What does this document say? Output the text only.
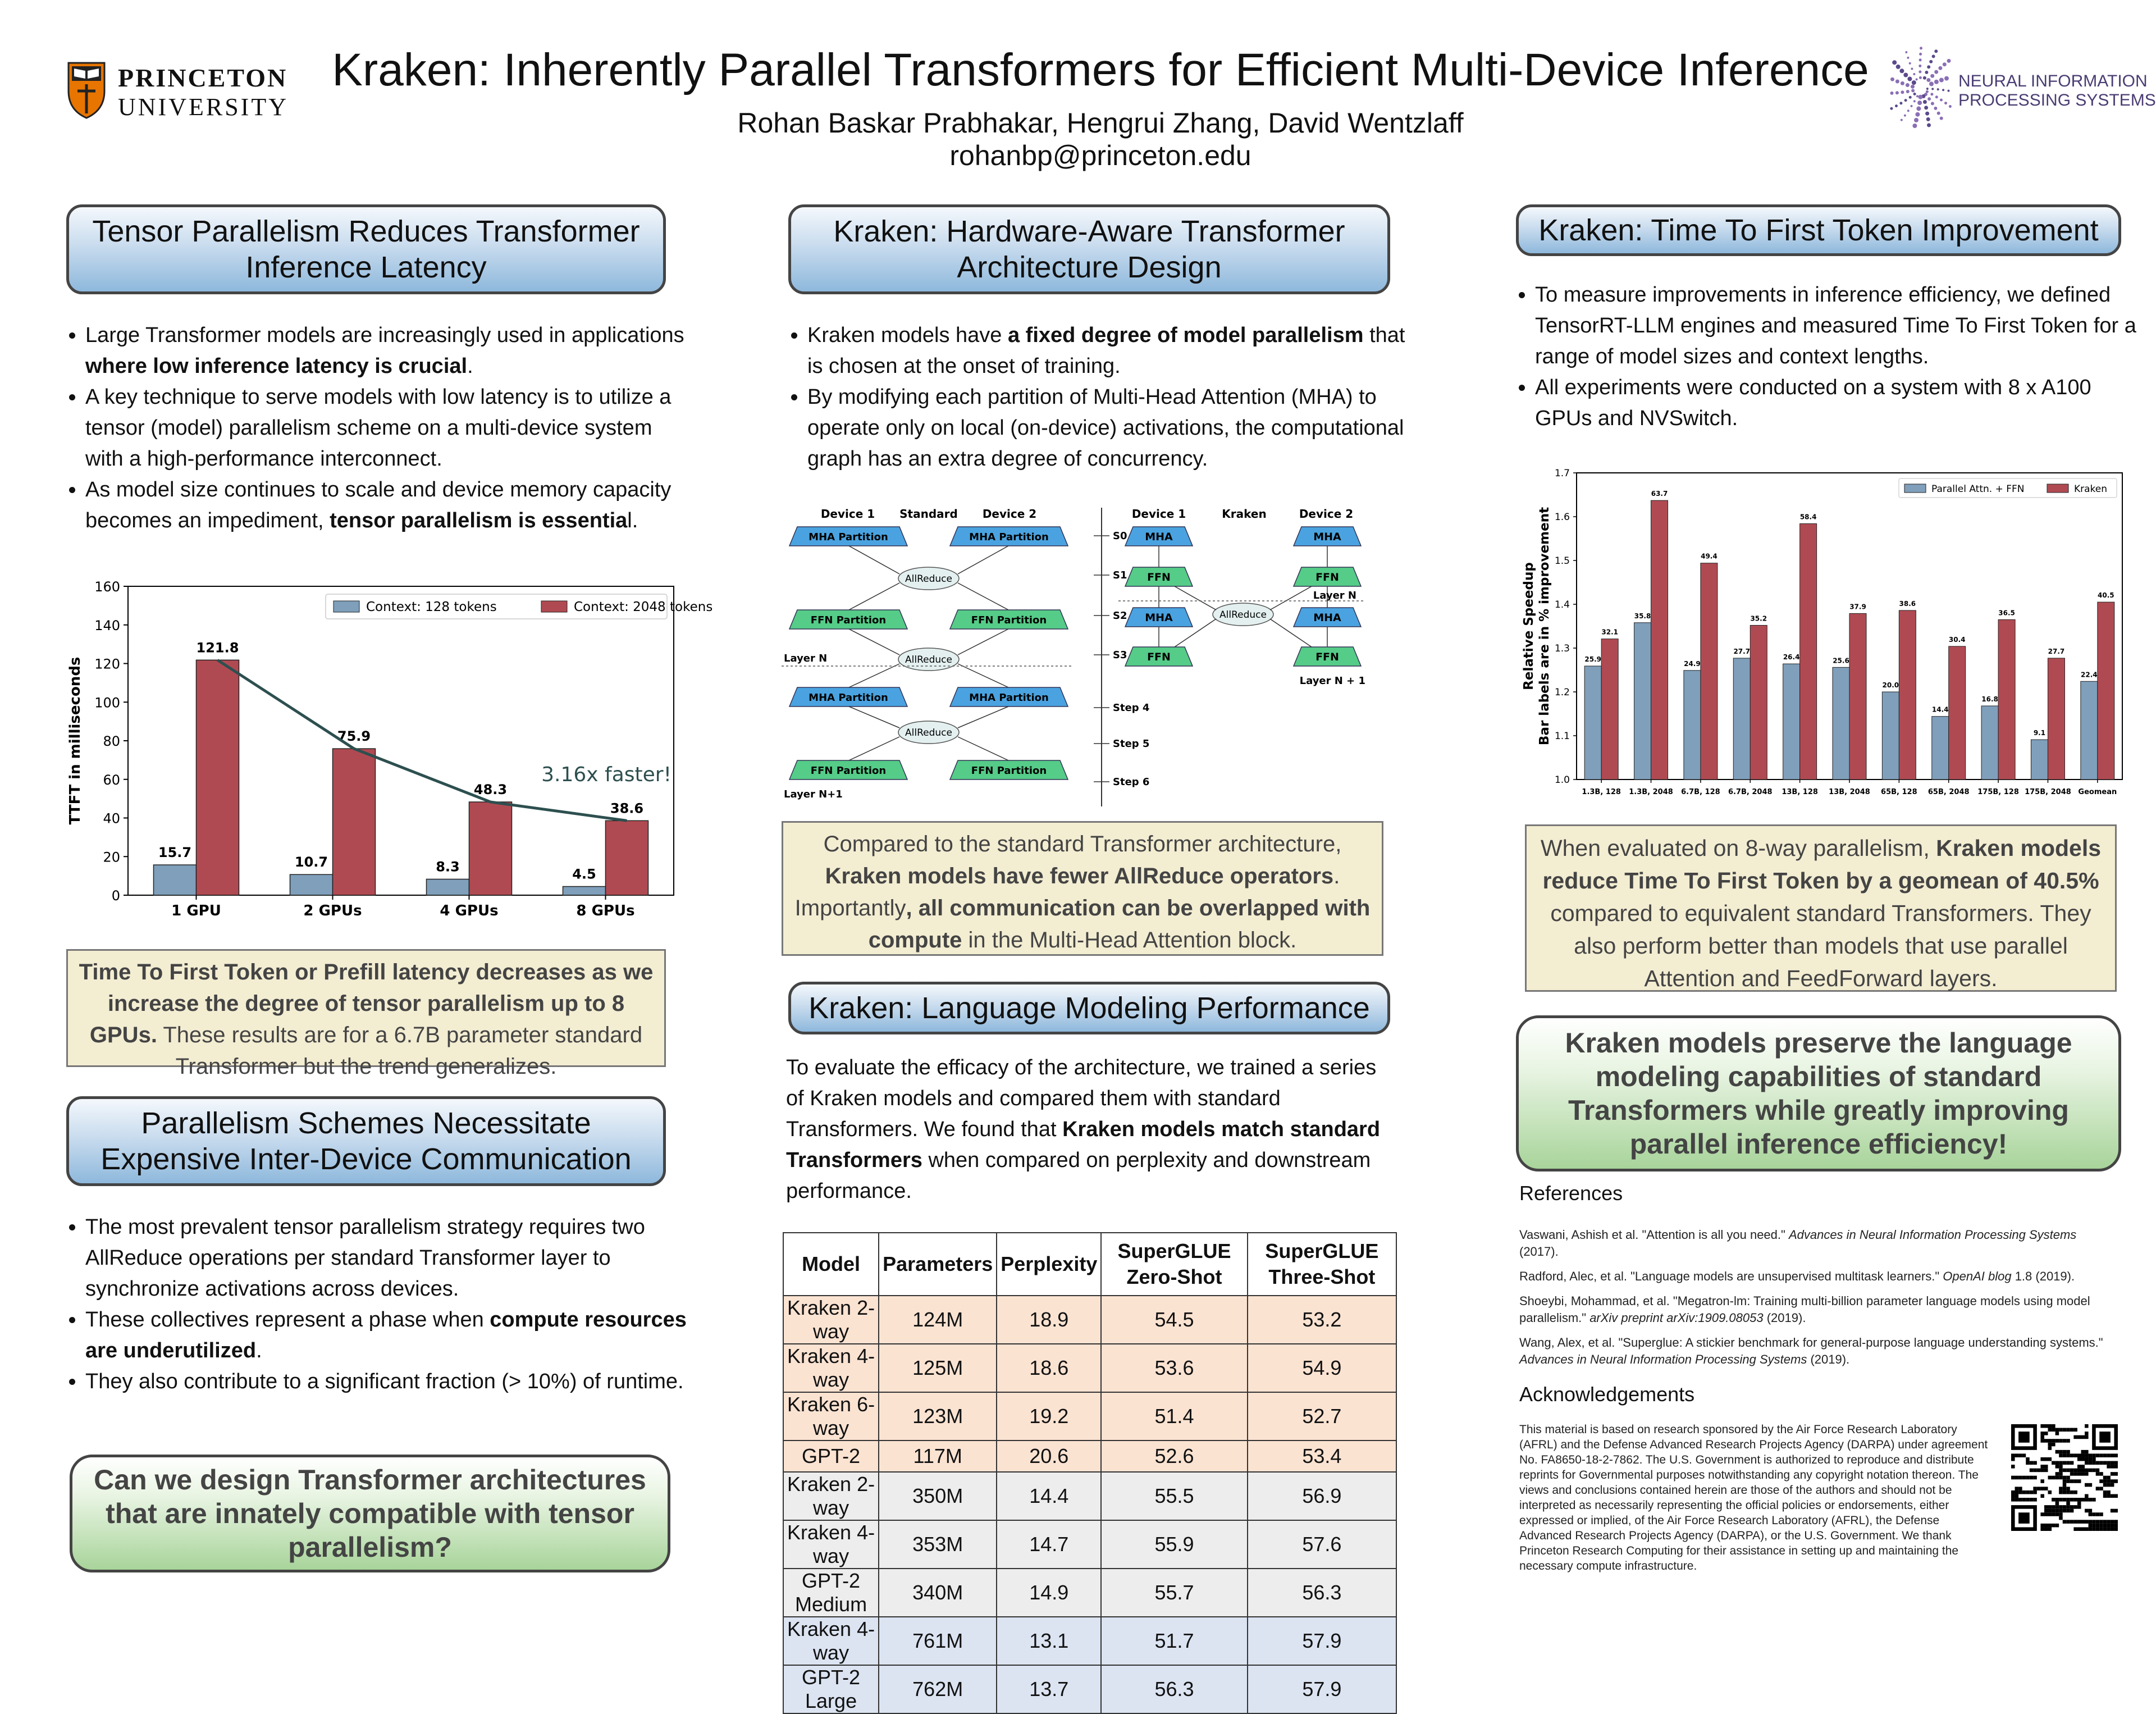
PRINCETON
UNIVERSITY
Kraken: Inherently Parallel Transformers for Efficient Multi-Device Inference
Rohan Baskar Prabhakar, Hengrui Zhang, David Wentzlaff
rohanbp@princeton.edu
NEURAL INFORMATION
PROCESSING SYSTEMS
Tensor Parallelism Reduces Transformer Inference Latency
• Large Transformer models are increasingly used in applications where low inference latency is crucial.
• A key technique to serve models with low latency is to utilize a tensor (model) parallelism scheme on a multi-device system with a high-performance interconnect.
• As model size continues to scale and device memory capacity becomes an impediment, tensor parallelism is essential.
0
20
40
60
80
100
120
140
160
TTFT in milliseconds
15.7
121.8
1 GPU
10.7
75.9
2 GPUs
8.3
48.3
4 GPUs
4.5
38.6
8 GPUs
3.16x faster!
Context: 128 tokens	Context: 2048 tokens
Time To First Token or Prefill latency decreases as we increase the degree of tensor parallelism up to 8 GPUs. These results are for a 6.7B parameter standard Transformer but the trend generalizes.
Parallelism Schemes Necessitate Expensive Inter-Device Communication
• The most prevalent tensor parallelism strategy requires two AllReduce operations per standard Transformer layer to synchronize activations across devices.
• These collectives represent a phase when compute resources are underutilized.
• They also contribute to a significant fraction (> 10%) of runtime.
Can we design Transformer architectures that are innately compatible with tensor parallelism?
Kraken: Hardware-Aware Transformer Architecture Design
• Kraken models have a fixed degree of model parallelism that is chosen at the onset of training.
• By modifying each partition of Multi-Head Attention (MHA) to operate only on local (on-device) activations, the computational graph has an extra degree of concurrency.
Device 1 Standard Device 2
MHA Partition	MHA Partition
FFN Partition	FFN Partition
MHA Partition	MHA Partition
FFN Partition	FFN Partition
AllReduce
AllReduce
AllReduce
Layer N
Layer N+1
S0
S1
S2
S3
Step 4
Step 5
Step 6
Device 1	Kraken	Device 2
MHA	MHA
FFN	FFN
MHA	MHA
FFN	FFN
AllReduce
Layer N
Layer N + 1
Compared to the standard Transformer architecture, Kraken models have fewer AllReduce operators. Importantly, all communication can be overlapped with compute in the Multi-Head Attention block.
Kraken: Language Modeling Performance

To evaluate the efficacy of the architecture, we trained a series of Kraken models and compared them with standard Transformers. We found that Kraken models match standard Transformers when compared on perplexity and downstream performance.

Model	Parameters	Perplexity	SuperGLUE Zero-Shot	SuperGLUE Three-Shot
Kraken 2-way	124M	18.9	54.5	53.2
Kraken 4-way	125M	18.6	53.6	54.9
Kraken 6-way	123M	19.2	51.4	52.7
GPT-2	117M	20.6	52.6	53.4
Kraken 2-way	350M	14.4	55.5	56.9
Kraken 4-way	353M	14.7	55.9	57.6
GPT-2 Medium	340M	14.9	55.7	56.3
Kraken 4-way	761M	13.1	51.7	57.9
GPT-2 Large	762M	13.7	56.3	57.9
Kraken: Time To First Token Improvement
• To measure improvements in inference efficiency, we defined TensorRT-LLM engines and measured Time To First Token for a range of model sizes and context lengths.
• All experiments were conducted on a system with 8 x A100 GPUs and NVSwitch.
1.0
1.1
1.2
1.3
1.4
1.5
1.6
1.7
Relative Speedup Bar labels are in % improvement	25.9
32.1
1.3B, 128
35.8
63.7
1.3B, 2048
24.9
49.4
6.7B, 128
27.7
35.2
6.7B, 2048
26.4
58.4
13B, 128
25.6
37.9
13B, 2048
20.0
38.6
65B, 128
14.4
30.4
65B, 2048
16.8
36.5
175B, 128
9.1
27.7
175B, 2048
22.4
40.5
Geomean
Parallel Attn. + FFN	Kraken
When evaluated on 8-way parallelism, Kraken models reduce Time To First Token by a geomean of 40.5% compared to equivalent standard Transformers. They also perform better than models that use parallel Attention and FeedForward layers.
Kraken models preserve the language modeling capabilities of standard Transformers while greatly improving parallel inference efficiency!
References
Vaswani, Ashish et al. "Attention is all you need." Advances in Neural Information Processing Systems (2017).
Radford, Alec, et al. "Language models are unsupervised multitask learners." OpenAI blog 1.8 (2019).
Shoeybi, Mohammad, et al. "Megatron-lm: Training multi-billion parameter language models using model parallelism." arXiv preprint arXiv:1909.08053 (2019).
Wang, Alex, et al. "Superglue: A stickier benchmark for general-purpose language understanding systems." Advances in Neural Information Processing Systems (2019).
Acknowledgements
This material is based on research sponsored by the Air Force Research Laboratory (AFRL) and the Defense Advanced Research Projects Agency (DARPA) under agreement No. FA8650-18-2-7862. The U.S. Government is authorized to reproduce and distribute reprints for Governmental purposes notwithstanding any copyright notation thereon. The views and conclusions contained herein are those of the authors and should not be interpreted as necessarily representing the official policies or endorsements, either expressed or implied, of the Air Force Research Laboratory (AFRL), the Defense Advanced Research Projects Agency (DARPA), or the U.S. Government. We thank Princeton Research Computing for their assistance in setting up and maintaining the necessary compute infrastructure.
